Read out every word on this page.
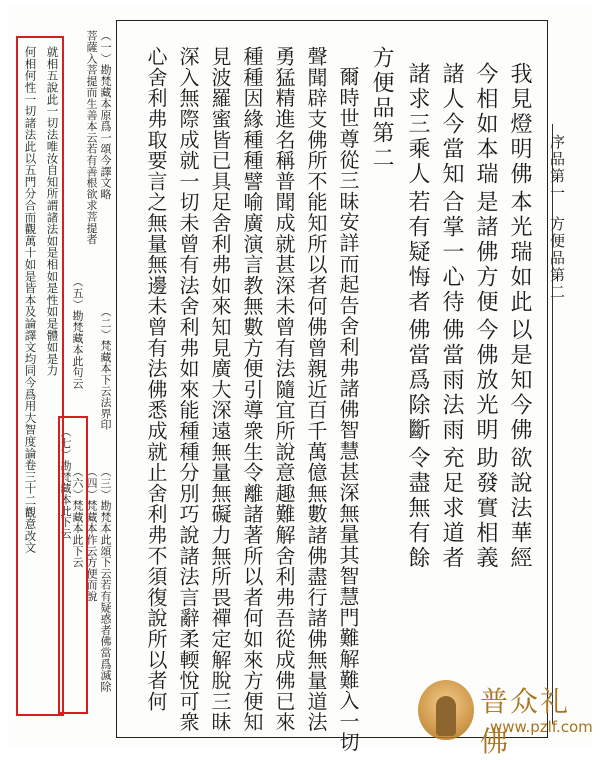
序品第一
方便品第二
我見燈明佛
本光瑞如此
以是知今佛
欲說法華經
今相如本瑞
是諸佛方便
今佛放光明
助發實相義
諸人今當知
合掌一心待
佛當雨法雨
充足求道者
諸求三乘人
若有疑悔者
佛當爲除斷
令盡無有餘
方便品第二
爾時世尊從三昧安詳而起告舍利弗諸佛智慧甚深無量其智慧門難解難入一切
聲聞辟支佛所不能知所以者何佛曾親近百千萬億無數諸佛盡行諸佛無量道法
勇猛精進名稱普聞成就甚深未曾有法隨宜所說意趣難解舍利弗吾從成佛已來
種種因緣種種譬喻廣演言教無數方便引導衆生令離諸著所以者何如來方便知
見波羅蜜皆已具足舍利弗如來知見廣大深遠無量無礙力無所畏禪定解脫三昧
深入無際成就一切未曾有法舍利弗如來能種種分別巧說諸法言辭柔輭悅可衆
心舍利弗取要言之無量無邊未曾有法佛悉成就止舍利弗不須復說所以者何
（一）勘梵藏本原爲一頌今譯文略
（二）梵藏本下云法界印
（三）勘梵本此頌下云若有疑惑者佛當爲滅除
菩薩入菩提而生善本云若有善根欲求菩提者
（四）梵藏本作云方便而說
（五）勘梵藏本此句云
（六）梵藏本此下云
（七）勘梵藏本此下云
就相五說此一切法唯汝自知所謂諸法如是相如是性如是體如是力
何相何性一切諸法此以五門分合而觀萬十如是皆本及論譯文均同今爲用大智度論卷三十二觀意改文
普众礼佛
www.pzlf.com
